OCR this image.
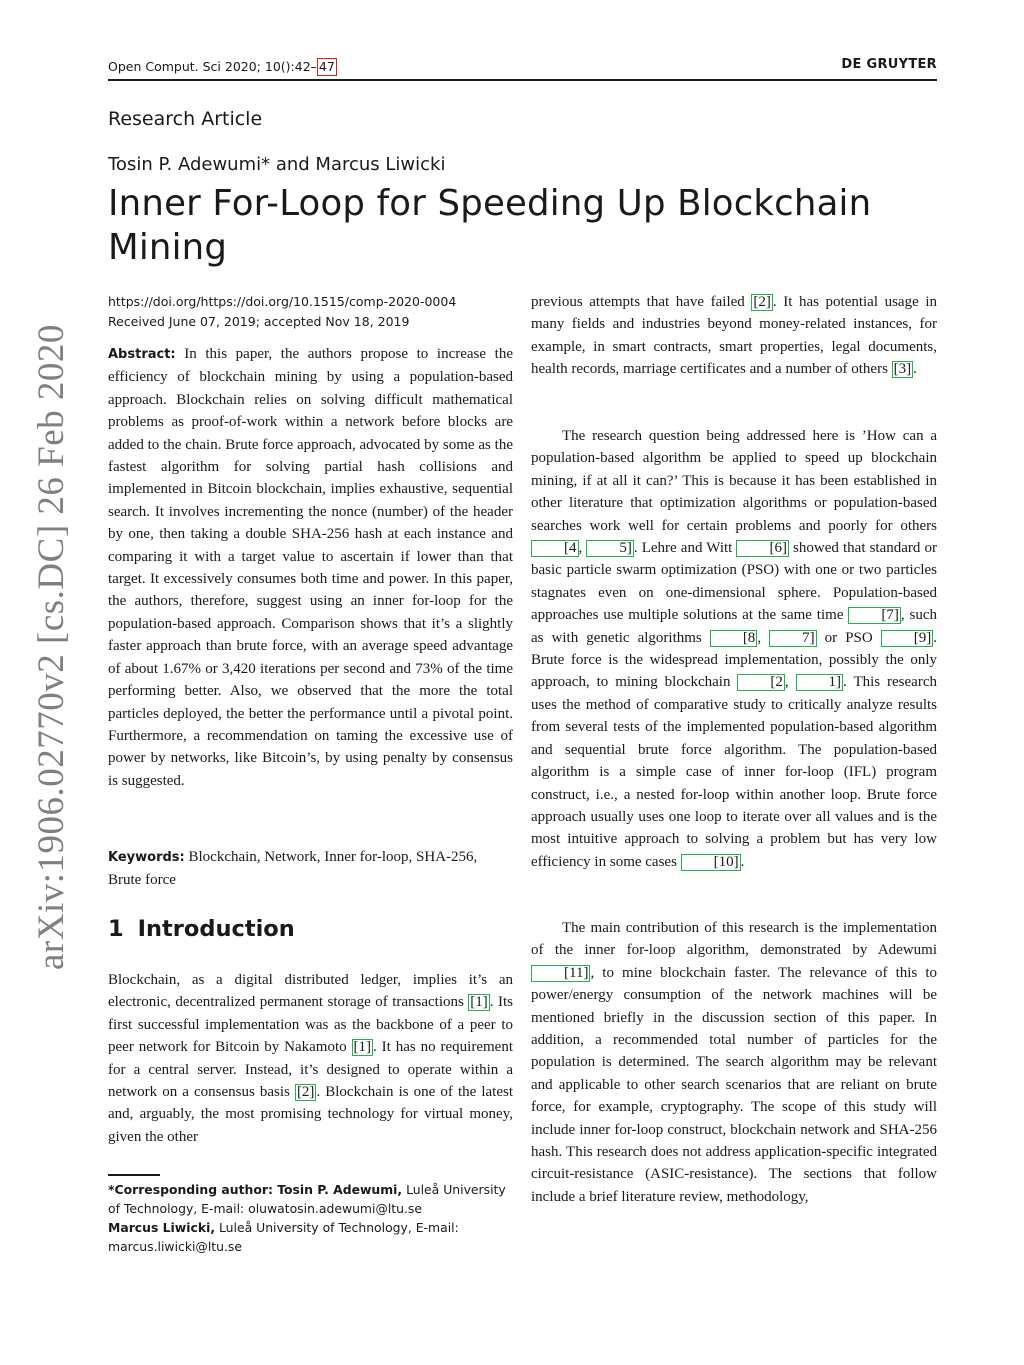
Open Comput. Sci 2020; 10():42– 47	DE GRUYTER
Research Article
Tosin P. Adewumi* and Marcus Liwicki
Inner For-Loop for Speeding Up Blockchain Mining
arXiv:1906.02770v2 [cs.DC] 26 Feb 2020
https://doi.org/https://doi.org/10.1515/comp-2020-0004
Received June 07, 2019; accepted Nov 18, 2019

Abstract: In this paper, the authors propose to increase the efficiency of blockchain mining by using a population-based approach. Blockchain relies on solving difficult mathematical problems as proof-of-work within a network before blocks are added to the chain. Brute force approach, advocated by some as the fastest algorithm for solving partial hash collisions and implemented in Bitcoin blockchain, implies exhaustive, sequential search. It involves incrementing the nonce (number) of the header by one, then taking a double SHA-256 hash at each instance and comparing it with a target value to ascertain if lower than that target. It excessively consumes both time and power. In this paper, the authors, therefore, suggest using an inner for-loop for the population-based approach. Comparison shows that it’s a slightly faster approach than brute force, with an average speed advantage of about 1.67% or 3,420 iterations per second and 73% of the time performing better. Also, we observed that the more the total particles deployed, the better the performance until a pivotal point. Furthermore, a recommendation on taming the excessive use of power by networks, like Bitcoin’s, by using penalty by consensus is suggested.

Keywords: Blockchain, Network, Inner for-loop, SHA-256, Brute force

1 Introduction

Blockchain, as a digital distributed ledger, implies it’s an electronic, decentralized permanent storage of transactions [1] . Its first successful implementation was as the backbone of a peer to peer network for Bitcoin by Nakamoto [1] . It has no requirement for a central server. Instead, it’s designed to operate within a network on a consensus basis [2] . Blockchain is one of the latest and, arguably, the most promising technology for virtual money, given the other

*Corresponding author: Tosin P. Adewumi, Luleå University of Technology, E-mail: oluwatosin.adewumi@ltu.se
Marcus Liwicki, Luleå University of Technology, E-mail: marcus.liwicki@ltu.se

previous attempts that have failed [2] . It has potential usage in many fields and industries beyond money-related instances, for example, in smart contracts, smart properties, legal documents, health records, marriage certificates and a number of others [3] .

The research question being addressed here is ’How can a population-based algorithm be applied to speed up blockchain mining, if at all it can?’ This is because it has been established in other literature that optimization algorithms or population-based searches work well for certain problems and poorly for others [4 , 5] . Lehre and Witt [6] showed that standard or basic particle swarm optimization (PSO) with one or two particles stagnates even on one-dimensional sphere. Population-based approaches use multiple solutions at the same time [7] , such as with genetic algorithms [8 , 7] or PSO [9] . Brute force is the widespread implementation, possibly the only approach, to mining blockchain [2 , 1] . This research uses the method of comparative study to critically analyze results from several tests of the implemented population-based algorithm and sequential brute force algorithm. The population-based algorithm is a simple case of inner for-loop (IFL) program construct, i.e., a nested for-loop within another loop. Brute force approach usually uses one loop to iterate over all values and is the most intuitive approach to solving a problem but has very low efficiency in some cases [10] .

The main contribution of this research is the implementation of the inner for-loop algorithm, demonstrated by Adewumi [11] , to mine blockchain faster. The relevance of this to power/energy consumption of the network machines will be mentioned briefly in the discussion section of this paper. In addition, a recommended total number of particles for the population is determined. The search algorithm may be relevant and applicable to other search scenarios that are reliant on brute force, for example, cryptography. The scope of this study will include inner for-loop construct, blockchain network and SHA-256 hash. This research does not address application-specific integrated circuit-resistance (ASIC-resistance). The sections that follow include a brief literature review, methodology,
